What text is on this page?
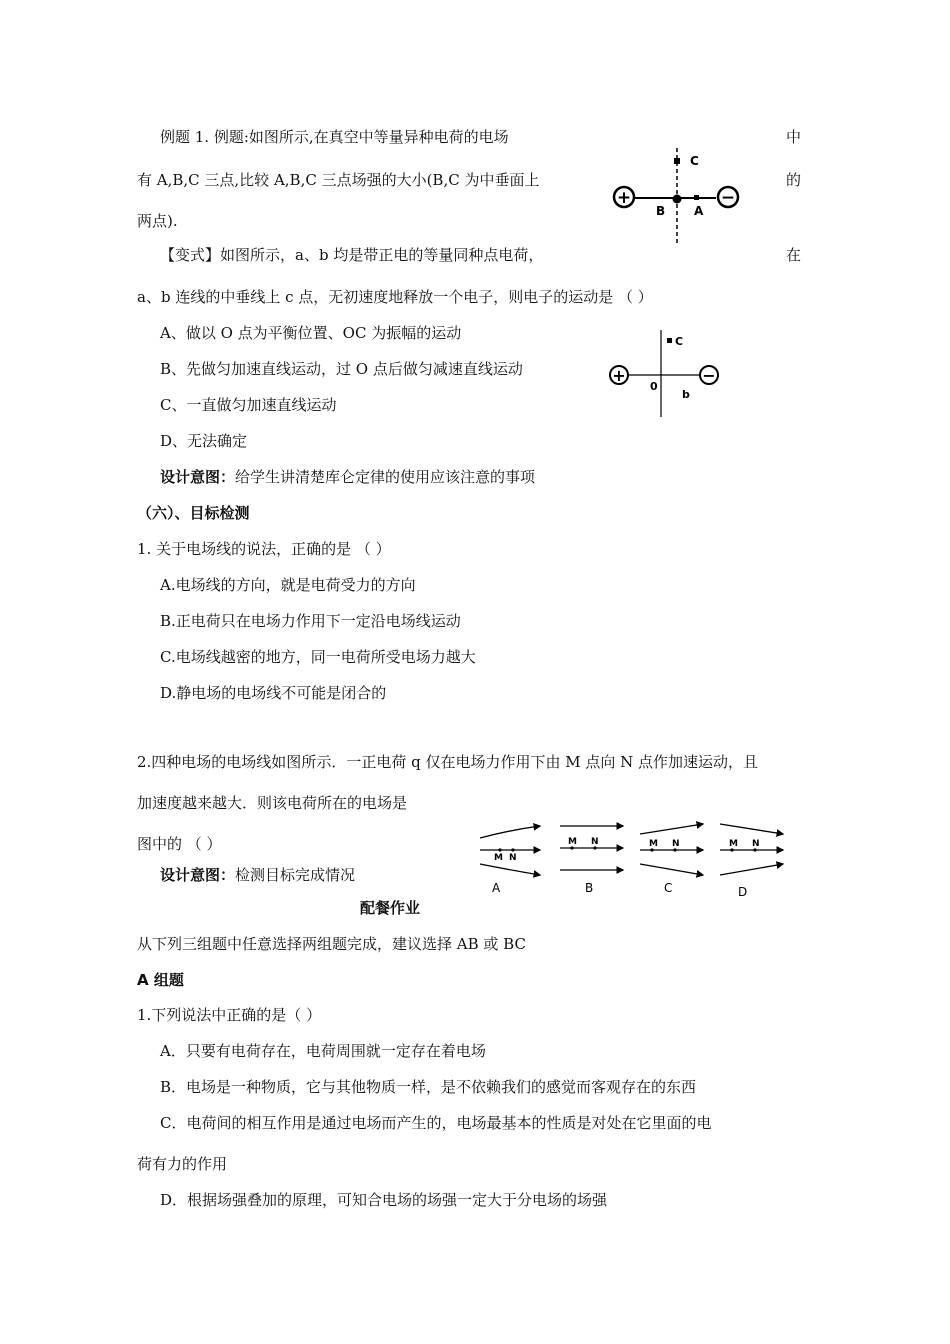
例题 1. 例题:如图所示,在真空中等量异种电荷的电场	中
有 A,B,C 三点,比较 A,B,C 三点场强的大小(B,C 为中垂面上	的
两点).
+	−
C
B A
【变式】如图所示，a、b 均是带正电的等量同种点电荷，	在
a、b 连线的中垂线上 c 点，无初速度地释放一个电子，则电子的运动是 （ ）
A、做以 O 点为平衡位置、OC 为振幅的运动
B、先做匀加速直线运动，过 O 点后做匀减速直线运动
C、一直做匀加速直线运动
D、无法确定
+	−
C
0
b
设计意图：给学生讲清楚库仑定律的使用应该注意的事项
（六）、目标检测
1. 关于电场线的说法，正确的是 （ ）
A.电场线的方向，就是电荷受力的方向
B.正电荷只在电场力作用下一定沿电场线运动
C.电场线越密的地方，同一电荷所受电场力越大
D.静电场的电场线不可能是闭合的
2.四种电场的电场线如图所示．一正电荷 q 仅在电场力作用下由 M 点向 N 点作加速运动，且
加速度越来越大．则该电荷所在的电场是
图中的 （ ）
M N
A
M N
B
M N
C
M N
D
设计意图：检测目标完成情况
配餐作业
从下列三组题中任意选择两组题完成，建议选择 AB 或 BC
A 组题
1.下列说法中正确的是（ ）
A．只要有电荷存在，电荷周围就一定存在着电场
B．电场是一种物质，它与其他物质一样，是不依赖我们的感觉而客观存在的东西
C．电荷间的相互作用是通过电场而产生的，电场最基本的性质是对处在它里面的电
荷有力的作用
D．根据场强叠加的原理，可知合电场的场强一定大于分电场的场强
